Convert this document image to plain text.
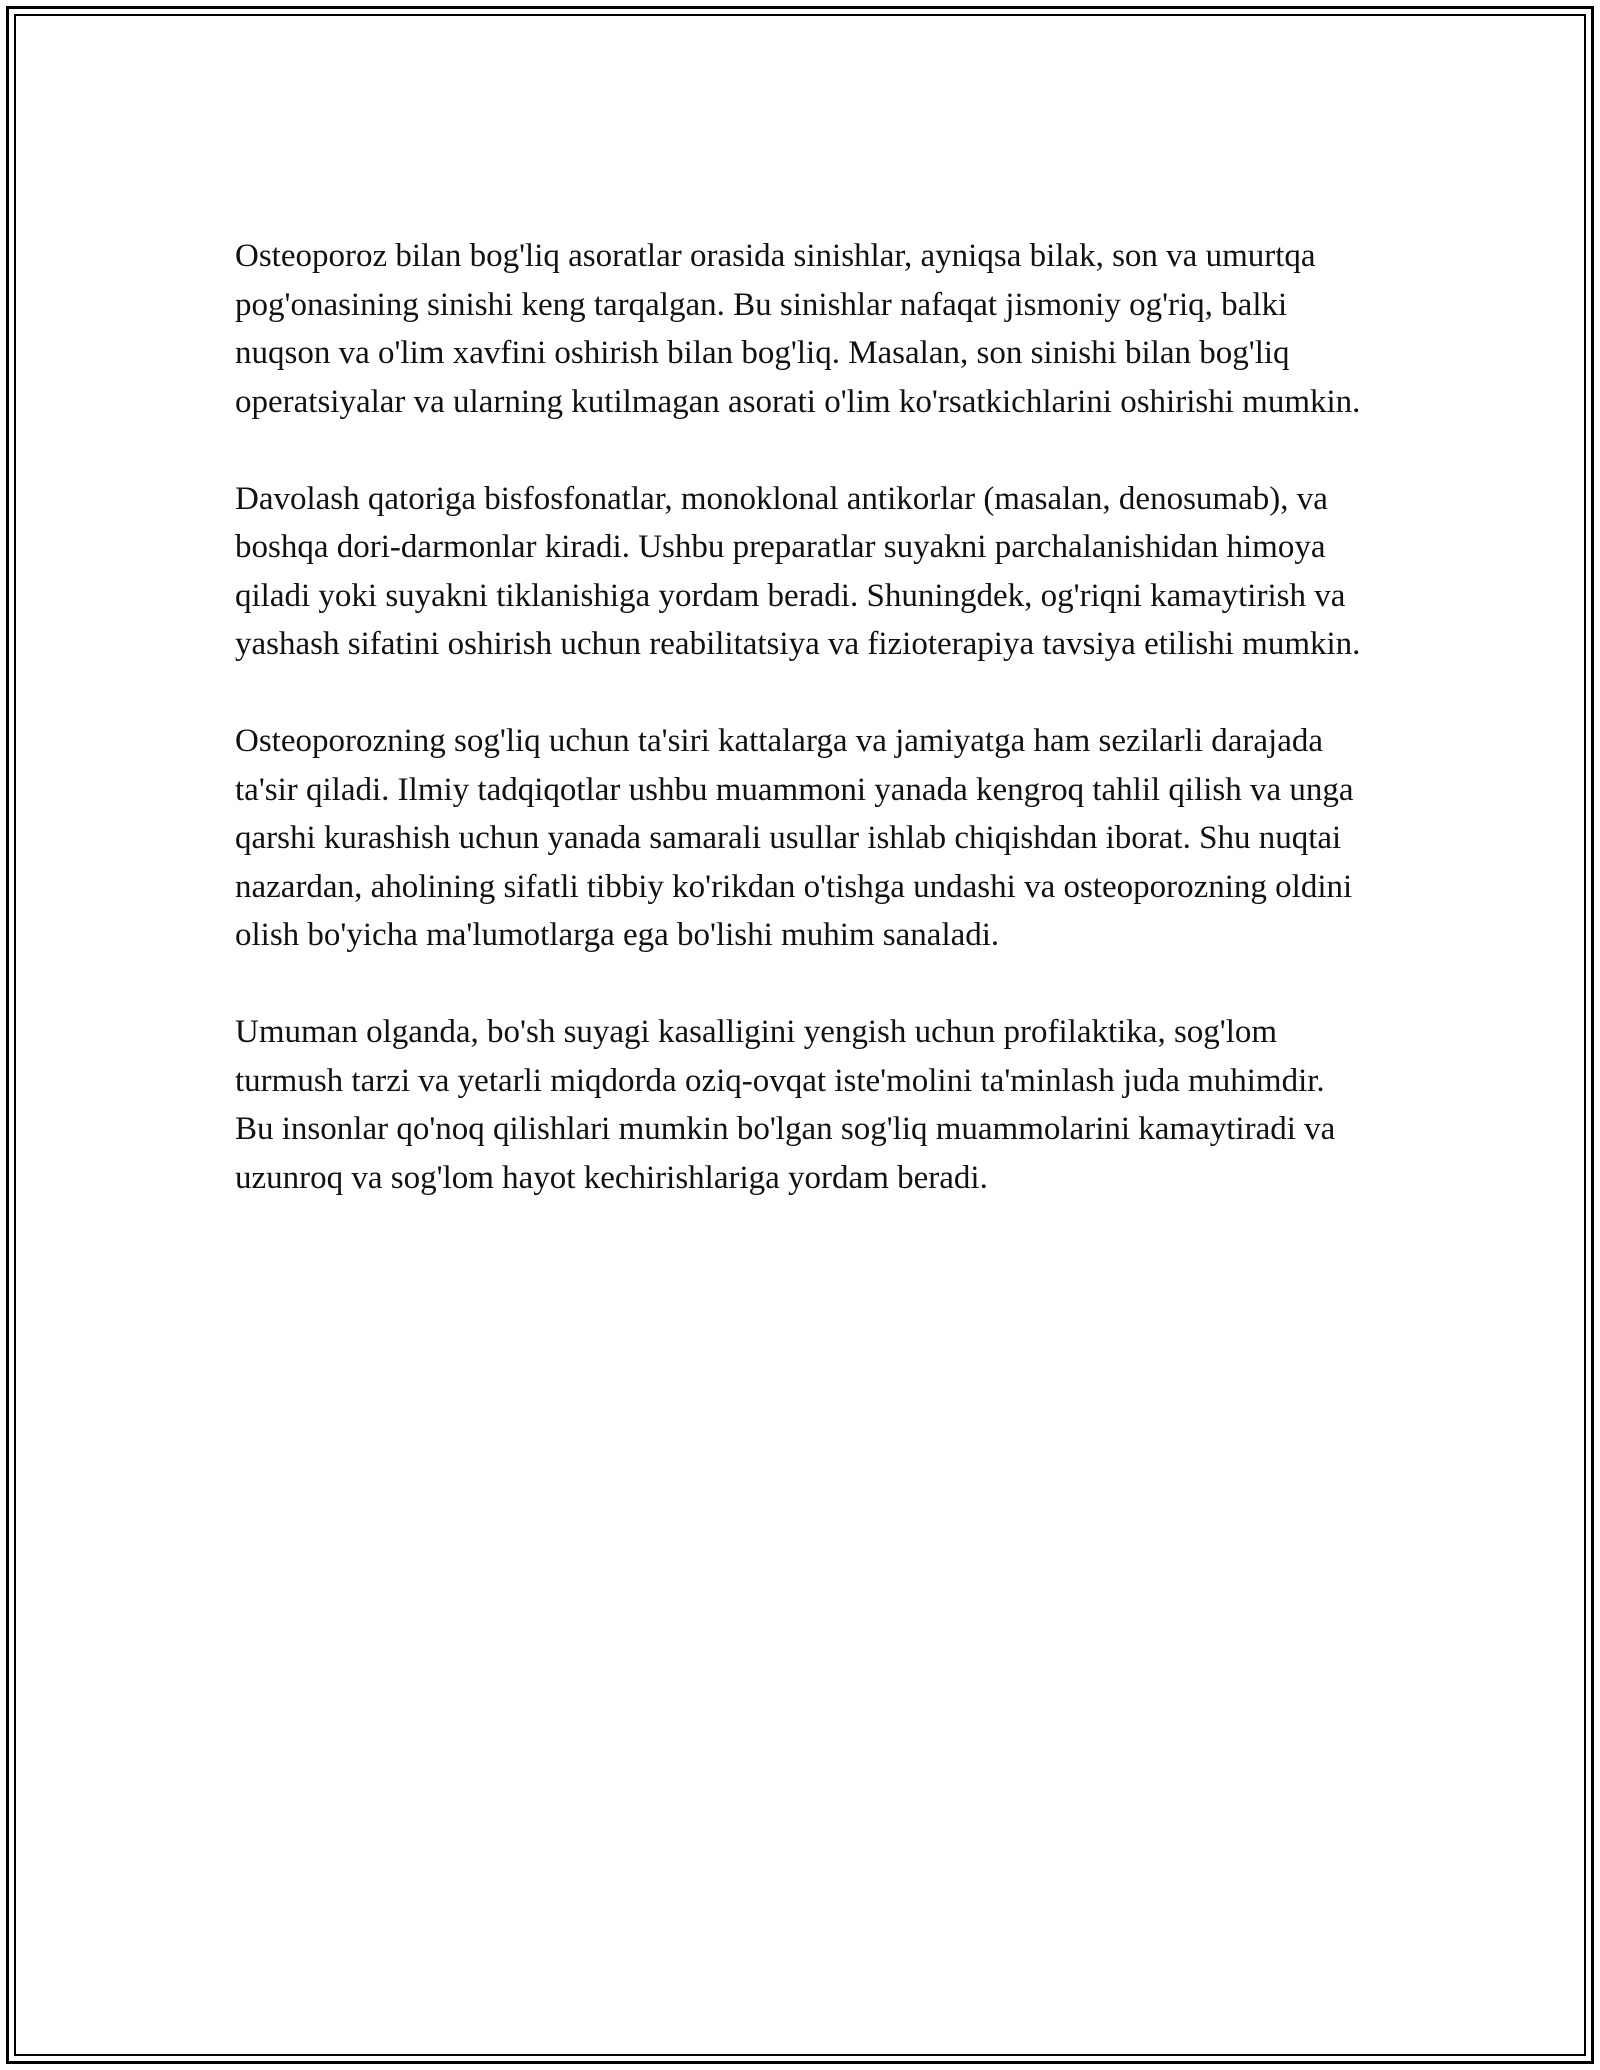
Osteoporoz bilan bog'liq asoratlar orasida sinishlar, ayniqsa bilak, son va umurtqa pog'onasining sinishi keng tarqalgan. Bu sinishlar nafaqat jismoniy og'riq, balki nuqson va o'lim xavfini oshirish bilan bog'liq. Masalan, son sinishi bilan bog'liq operatsiyalar va ularning kutilmagan asorati o'lim ko'rsatkichlarini oshirishi mumkin.

Davolash qatoriga bisfosfonatlar, monoklonal antikorlar (masalan, denosumab), va boshqa dori-darmonlar kiradi. Ushbu preparatlar suyakni parchalanishidan himoya qiladi yoki suyakni tiklanishiga yordam beradi. Shuningdek, og'riqni kamaytirish va yashash sifatini oshirish uchun reabilitatsiya va fizioterapiya tavsiya etilishi mumkin.

Osteoporozning sog'liq uchun ta'siri kattalarga va jamiyatga ham sezilarli darajada ta'sir qiladi. Ilmiy tadqiqotlar ushbu muammoni yanada kengroq tahlil qilish va unga qarshi kurashish uchun yanada samarali usullar ishlab chiqishdan iborat. Shu nuqtai nazardan, aholining sifatli tibbiy ko'rikdan o'tishga undashi va osteoporozning oldini olish bo'yicha ma'lumotlarga ega bo'lishi muhim sanaladi.

Umuman olganda, bo'sh suyagi kasalligini yengish uchun profilaktika, sog'lom turmush tarzi va yetarli miqdorda oziq-ovqat iste'molini ta'minlash juda muhimdir. Bu insonlar qo'noq qilishlari mumkin bo'lgan sog'liq muammolarini kamaytiradi va uzunroq va sog'lom hayot kechirishlariga yordam beradi.
